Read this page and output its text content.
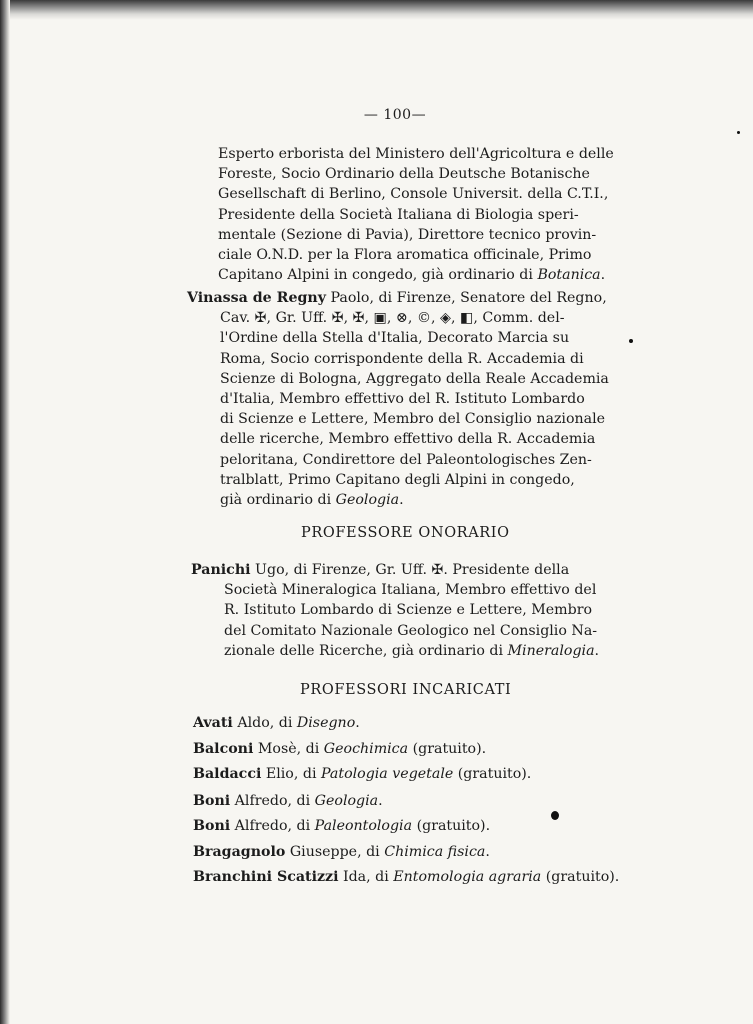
— 100—
Esperto erborista del Ministero dell'Agricoltura e delle
Foreste, Socio Ordinario della Deutsche Botanische
Gesellschaft di Berlino, Console Universit. della C.T.I.,
Presidente della Società Italiana di Biologia speri-
mentale (Sezione di Pavia), Direttore tecnico provin-
ciale O.N.D. per la Flora aromatica officinale, Primo
Capitano Alpini in congedo, già ordinario di Botanica.
Vinassa de Regny Paolo, di Firenze, Senatore del Regno,
Cav. ✠, Gr. Uff. ✠, ✠, ▣, ⊗, ©, ◈, ◧, Comm. del-
l'Ordine della Stella d'Italia, Decorato Marcia su
Roma, Socio corrispondente della R. Accademia di
Scienze di Bologna, Aggregato della Reale Accademia
d'Italia, Membro effettivo del R. Istituto Lombardo
di Scienze e Lettere, Membro del Consiglio nazionale
delle ricerche, Membro effettivo della R. Accademia
peloritana, Condirettore del Paleontologisches Zen-
tralblatt, Primo Capitano degli Alpini in congedo,
già ordinario di Geologia.
PROFESSORE ONORARIO
Panichi Ugo, di Firenze, Gr. Uff. ✠. Presidente della
Società Mineralogica Italiana, Membro effettivo del
R. Istituto Lombardo di Scienze e Lettere, Membro
del Comitato Nazionale Geologico nel Consiglio Na-
zionale delle Ricerche, già ordinario di Mineralogia.
PROFESSORI INCARICATI
Avati Aldo, di Disegno.
Balconi Mosè, di Geochimica (gratuito).
Baldacci Elio, di Patologia vegetale (gratuito).
Boni Alfredo, di Geologia.
Boni Alfredo, di Paleontologia (gratuito).
Bragagnolo Giuseppe, di Chimica fisica.
Branchini Scatizzi Ida, di Entomologia agraria (gratuito).
